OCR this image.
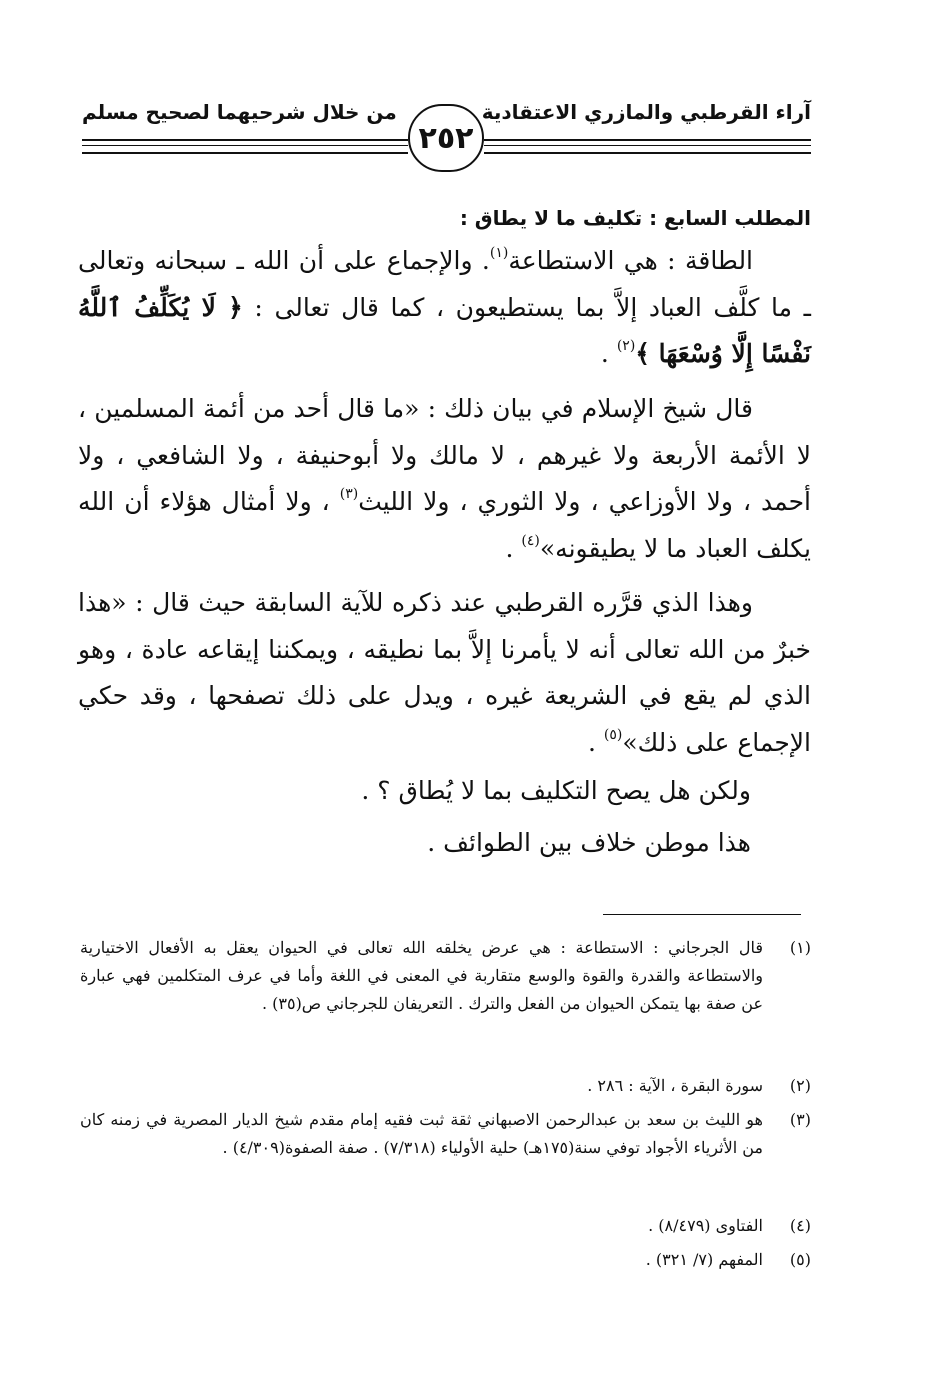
آراء القرطبي والمازري الاعتقادية
من خلال شرحيهما لصحيح مسلم
٢٥٢
المطلب السابع : تكليف ما لا يطاق :

الطاقة : هي الاستطاعة$^{(١)}$. والإجماع على أن الله ـ سبحانه وتعالى ـ ما كلَّف العباد إلاَّ بما يستطيعون ، كما قال تعالى : ﴿ لَا يُكَلِّفُ ٱللَّهُ نَفْسًا إِلَّا وُسْعَهَا ﴾$^{(٢)}$ .

قال شيخ الإسلام في بيان ذلك : «ما قال أحد من أئمة المسلمين ، لا الأئمة الأربعة ولا غيرهم ، لا مالك ولا أبوحنيفة ، ولا الشافعي ، ولا أحمد ، ولا الأوزاعي ، ولا الثوري ، ولا الليث$^{(٣)}$ ، ولا أمثال هؤلاء أن الله يكلف العباد ما لا يطيقونه»$^{(٤)}$ .

وهذا الذي قرَّره القرطبي عند ذكره للآية السابقة حيث قال : «هذا خبرٌ من الله تعالى أنه لا يأمرنا إلاَّ بما نطيقه ، ويمكننا إيقاعه عادة ، وهو الذي لم يقع في الشريعة غيره ، ويدل على ذلك تصفحها ، وقد حكي الإجماع على ذلك»$^{(٥)}$ .

ولكن هل يصح التكليف بما لا يُطاق ؟ .
هذا موطن خلاف بين الطوائف .
(١)
قال الجرجاني : الاستطاعة : هي عرض يخلقه الله تعالى في الحيوان يعقل به الأفعال الاختيارية والاستطاعة والقدرة والقوة والوسع متقاربة في المعنى في اللغة وأما في عرف المتكلمين فهي عبارة عن صفة بها يتمكن الحيوان من الفعل والترك . التعريفان للجرجاني ص(٣٥) .
(٢)
سورة البقرة ، الآية : ٢٨٦ .
(٣)
هو الليث بن سعد بن عبدالرحمن الاصبهاني ثقة ثبت فقيه إمام مقدم شيخ الديار المصرية في زمنه كان من الأثرياء الأجواد توفي سنة(١٧٥هـ) حلية الأولياء (٧/٣١٨) . صفة الصفوة(٤/٣٠٩) .
(٤)
الفتاوى (٨/٤٧٩) .
(٥)
المفهم (٧/ ٣٢١) .
